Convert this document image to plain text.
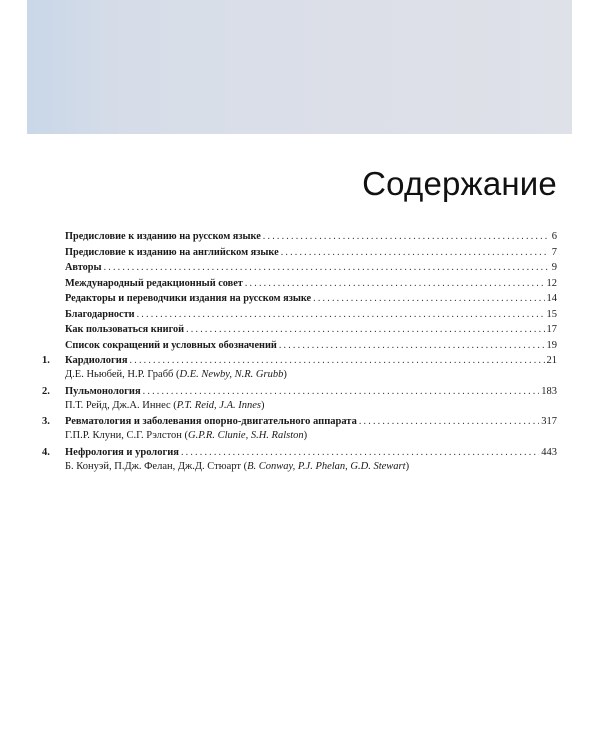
Содержание
Предисловие к изданию на русском языке .....	6
Предисловие к изданию на английском языке .....	7
Авторы .....	9
Международный редакционный совет .....	12
Редакторы и переводчики издания на русском языке .....	14
Благодарности .....	15
Как пользоваться книгой .....	17
Список сокращений и условных обозначений .....	19
1. Кардиология .....	21
Д.Е. Ньюбей, Н.Р. Грабб (D.E. Newby, N.R. Grubb)
2. Пульмонология .....	183
П.Т. Рейд, Дж.А. Иннес (P.T. Reid, J.A. Innes)
3. Ревматология и заболевания опорно-двигательного аппарата .....	317
Г.П.Р. Клуни, С.Г. Рэлстон (G.P.R. Clunie, S.H. Ralston)
4. Нефрология и урология .....	443
Б. Конуэй, П.Дж. Фелан, Дж.Д. Стюарт (B. Conway, P.J. Phelan, G.D. Stewart)
